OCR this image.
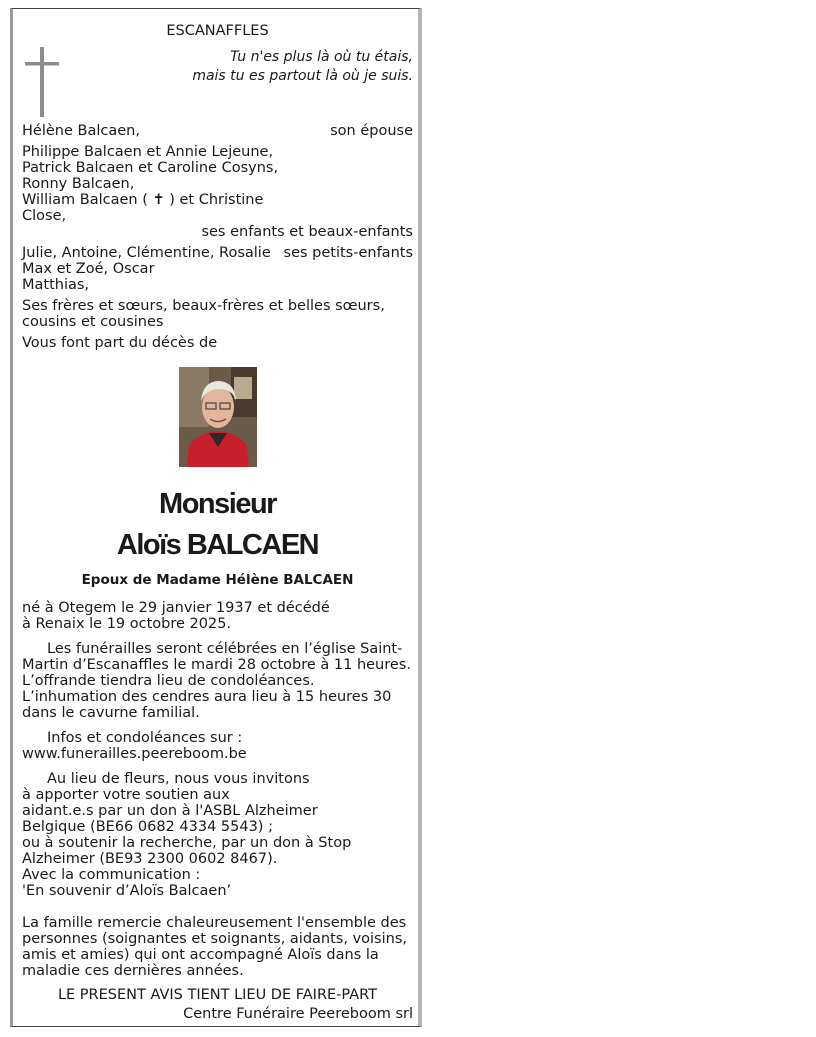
ESCANAFFLES
Tu n'es plus là où tu étais,
mais tu es partout là où je suis.
Hélène Balcaen,	son épouse
Philippe Balcaen et Annie Lejeune,
Patrick Balcaen et Caroline Cosyns,
Ronny Balcaen,
William Balcaen ( ✝ ) et Christine
Close,
ses enfants et beaux-enfants
Julie, Antoine, Clémentine, Rosalie ses petits-enfants
Max et Zoé, Oscar
Matthias,
Ses frères et sœurs, beaux-frères et belles sœurs,
cousins et cousines
Vous font part du décès de
Monsieur
Aloïs BALCAEN
Epoux de Madame Hélène BALCAEN
né à Otegem le 29 janvier 1937 et décédé
à Renaix le 19 octobre 2025.
Les funérailles seront célébrées en l’église Saint-
Martin d’Escanaffles le mardi 28 octobre à 11 heures.
L’offrande tiendra lieu de condoléances.
L’inhumation des cendres aura lieu à 15 heures 30
dans le cavurne familial.
Infos et condoléances sur :
www.funerailles.peereboom.be
Au lieu de fleurs, nous vous invitons
à apporter votre soutien aux
aidant.e.s par un don à l'ASBL Alzheimer
Belgique (BE66 0682 4334 5543) ;
ou à soutenir la recherche, par un don à Stop
Alzheimer (BE93 2300 0602 8467).
Avec la communication :
'En souvenir d’Aloïs Balcaen’
La famille remercie chaleureusement l'ensemble des
personnes (soignantes et soignants, aidants, voisins,
amis et amies) qui ont accompagné Aloïs dans la
maladie ces dernières années.
LE PRESENT AVIS TIENT LIEU DE FAIRE-PART
Centre Funéraire Peereboom srl
